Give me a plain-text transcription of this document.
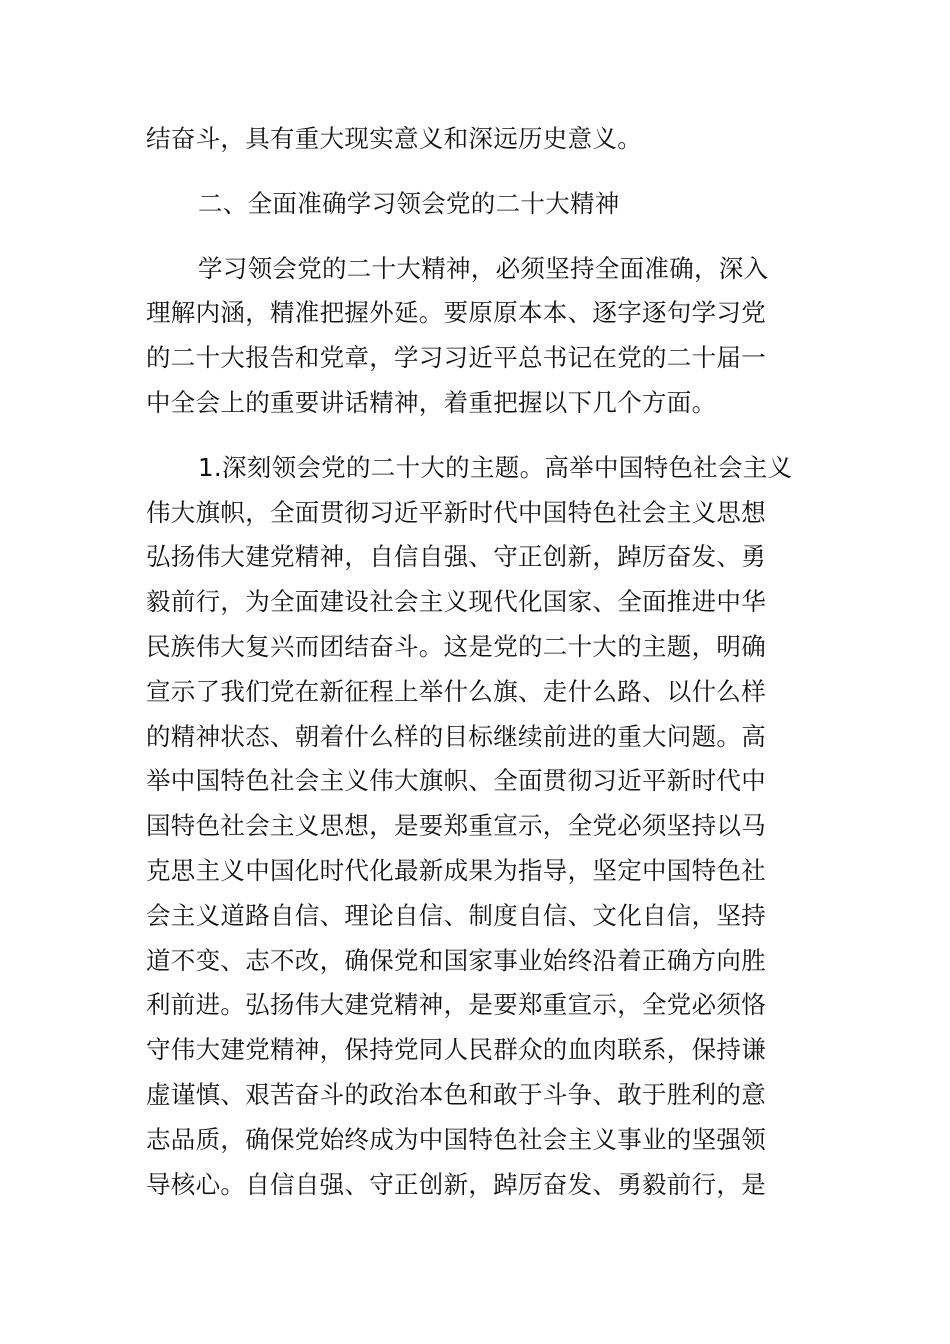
结奋斗，具有重大现实意义和深远历史意义。
二、全面准确学习领会党的二十大精神
学习领会党的二十大精神，必须坚持全面准确，深入
理解内涵，精准把握外延。要原原本本、逐字逐句学习党
的二十大报告和党章，学习习近平总书记在党的二十届一
中全会上的重要讲话精神，着重把握以下几个方面。
1.深刻领会党的二十大的主题。高举中国特色社会主义
伟大旗帜，全面贯彻习近平新时代中国特色社会主义思想
弘扬伟大建党精神，自信自强、守正创新，踔厉奋发、勇
毅前行，为全面建设社会主义现代化国家、全面推进中华
民族伟大复兴而团结奋斗。这是党的二十大的主题，明确
宣示了我们党在新征程上举什么旗、走什么路、以什么样
的精神状态、朝着什么样的目标继续前进的重大问题。高
举中国特色社会主义伟大旗帜、全面贯彻习近平新时代中
国特色社会主义思想，是要郑重宣示，全党必须坚持以马
克思主义中国化时代化最新成果为指导，坚定中国特色社
会主义道路自信、理论自信、制度自信、文化自信，坚持
道不变、志不改，确保党和国家事业始终沿着正确方向胜
利前进。弘扬伟大建党精神，是要郑重宣示，全党必须恪
守伟大建党精神，保持党同人民群众的血肉联系，保持谦
虚谨慎、艰苦奋斗的政治本色和敢于斗争、敢于胜利的意
志品质，确保党始终成为中国特色社会主义事业的坚强领
导核心。自信自强、守正创新，踔厉奋发、勇毅前行，是
